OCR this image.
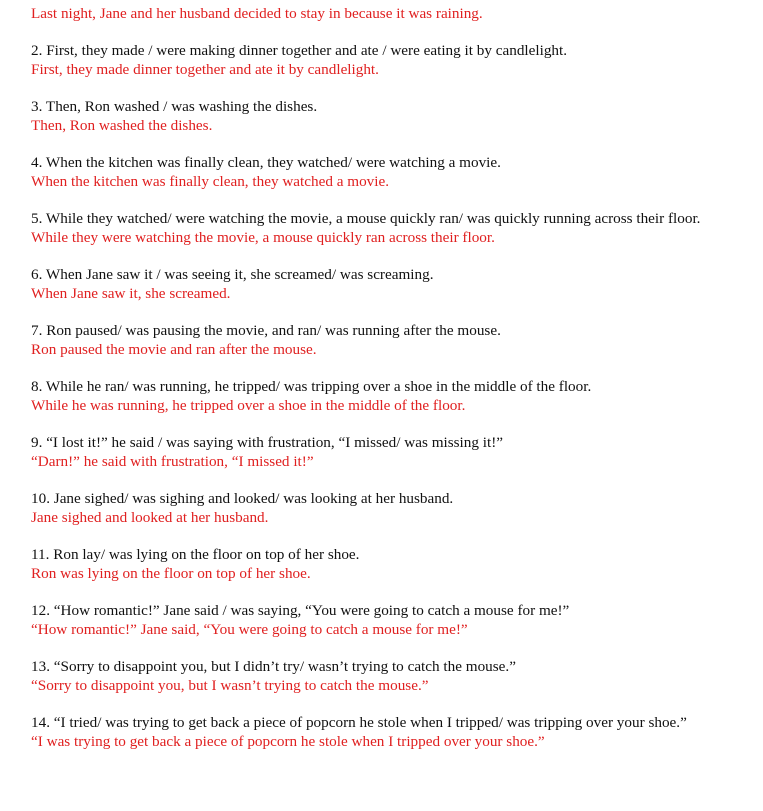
Last night, Jane and her husband decided to stay in because it was raining.

2. First, they made / were making dinner together and ate / were eating it by candlelight.

First, they made dinner together and ate it by candlelight.

3. Then, Ron washed / was washing the dishes.

Then, Ron washed the dishes.

4. When the kitchen was finally clean, they watched/ were watching a movie.

When the kitchen was finally clean, they watched a movie.

5. While they watched/ were watching the movie, a mouse quickly ran/ was quickly running across their floor.

While they were watching the movie, a mouse quickly ran across their floor.

6. When Jane saw it / was seeing it, she screamed/ was screaming.

When Jane saw it, she screamed.

7. Ron paused/ was pausing the movie, and ran/ was running after the mouse.

Ron paused the movie and ran after the mouse.

8. While he ran/ was running, he tripped/ was tripping over a shoe in the middle of the floor.

While he was running, he tripped over a shoe in the middle of the floor.

9. “I lost it!” he said / was saying with frustration, “I missed/ was missing it!”

“Darn!” he said with frustration, “I missed it!”

10. Jane sighed/ was sighing and looked/ was looking at her husband.

Jane sighed and looked at her husband.

11. Ron lay/ was lying on the floor on top of her shoe.

Ron was lying on the floor on top of her shoe.

12. “How romantic!” Jane said / was saying, “You were going to catch a mouse for me!”

“How romantic!” Jane said, “You were going to catch a mouse for me!”

13. “Sorry to disappoint you, but I didn’t try/ wasn’t trying to catch the mouse.”

“Sorry to disappoint you, but I wasn’t trying to catch the mouse.”

14. “I tried/ was trying to get back a piece of popcorn he stole when I tripped/ was tripping over your shoe.”

“I was trying to get back a piece of popcorn he stole when I tripped over your shoe.”
